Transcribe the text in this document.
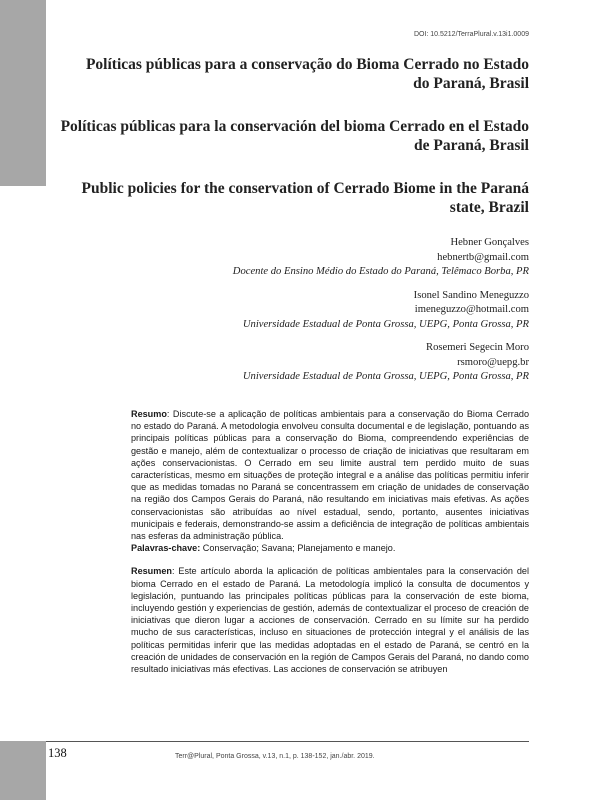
DOI: 10.5212/TerraPlural.v.13i1.0009
Políticas públicas para a conservação do Bioma Cerrado no Estado do Paraná, Brasil
Políticas públicas para la conservación del bioma Cerrado en el Estado de Paraná, Brasil
Public policies for the conservation of Cerrado Biome in the Paraná state, Brazil
Hebner Gonçalves
hebnertb@gmail.com
Docente do Ensino Médio do Estado do Paraná, Telêmaco Borba, PR
Isonel Sandino Meneguzzo
imeneguzzo@hotmail.com
Universidade Estadual de Ponta Grossa, UEPG, Ponta Grossa, PR
Rosemeri Segecin Moro
rsmoro@uepg.br
Universidade Estadual de Ponta Grossa, UEPG, Ponta Grossa, PR

Resumo: Discute-se a aplicação de políticas ambientais para a conservação do Bioma Cerrado no estado do Paraná. A metodologia envolveu consulta documental e de legislação, pontuando as principais políticas públicas para a conservação do Bioma, compreendendo experiências de gestão e manejo, além de contextualizar o processo de criação de iniciativas que resultaram em ações conservacionistas. O Cerrado em seu limite austral tem perdido muito de suas características, mesmo em situações de proteção integral e a análise das políticas permitiu inferir que as medidas tomadas no Paraná se concentrassem em criação de unidades de conservação na região dos Campos Gerais do Paraná, não resultando em iniciativas mais efetivas. As ações conservacionistas são atribuídas ao nível estadual, sendo, portanto, ausentes iniciativas municipais e federais, demonstrando-se assim a deficiência de integração de políticas ambientais nas esferas da administração pública.

Palavras-chave: Conservação; Savana; Planejamento e manejo.

Resumen: Este artículo aborda la aplicación de políticas ambientales para la conservación del bioma Cerrado en el estado de Paraná. La metodología implicó la consulta de documentos y legislación, puntuando las principales políticas públicas para la conservación de este bioma, incluyendo gestión y experiencias de gestión, además de contextualizar el proceso de creación de iniciativas que dieron lugar a acciones de conservación. Cerrado en su límite sur ha perdido mucho de sus características, incluso en situaciones de protección integral y el análisis de las políticas permitidas inferir que las medidas adoptadas en el estado de Paraná, se centró en la creación de unidades de conservación en la región de Campos Gerais del Paraná, no dando como resultado iniciativas más efectivas. Las acciones de conservación se atribuyen

138	Terr@Plural, Ponta Grossa, v.13, n.1, p. 138-152, jan./abr. 2019.
